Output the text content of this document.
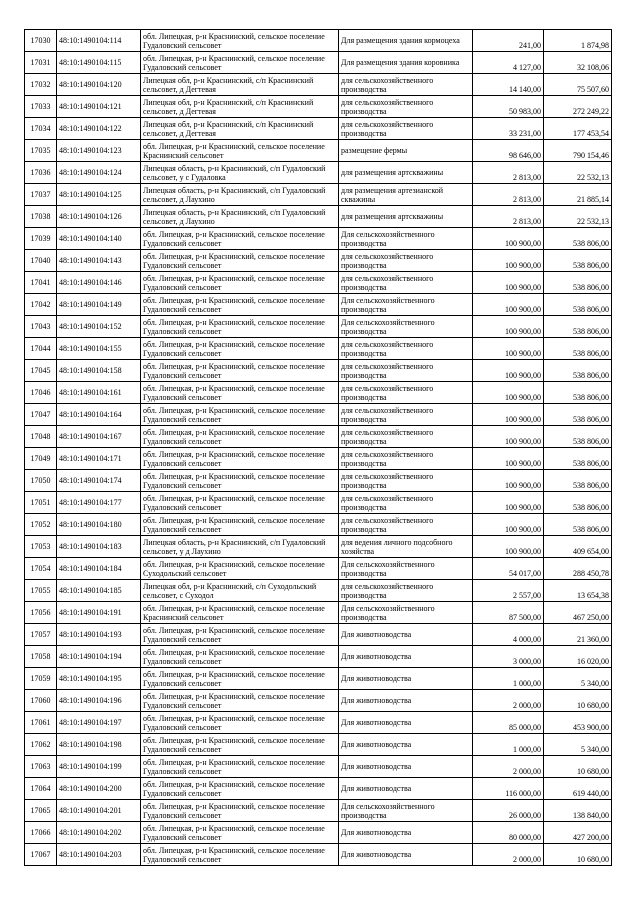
17030	48:10:1490104:114	обл. Липецкая, р-н Краснинский, сельское поселение Гудаловский сельсовет	Для размещения здания кормоцеха	241,00	1 874,98
17031	48:10:1490104:115	обл. Липецкая, р-н Краснинский, сельское поселение Гудаловский сельсовет	Для размещения здания коровника	4 127,00	32 108,06
17032	48:10:1490104:120	Липецкая обл, р-н Краснинский, с/п Краснинский сельсовет, д Дегтевая	для сельскохозяйственного производства	14 140,00	75 507,60
17033	48:10:1490104:121	Липецкая обл, р-н Краснинский, с/п Краснинский сельсовет, д Дегтевая	для сельскохозяйственного производства	50 983,00	272 249,22
17034	48:10:1490104:122	Липецкая обл, р-н Краснинский, с/п Краснинский сельсовет, д Дегтевая	для сельскохозяйственного производства	33 231,00	177 453,54
17035	48:10:1490104:123	обл. Липецкая, р-н Краснинский, сельское поселение Краснинский сельсовет	размещение фермы	98 646,00	790 154,46
17036	48:10:1490104:124	Липецкая область, р-н Краснинский, с/п Гудаловский сельсовет, у с Гудаловка	для размещения артскважины	2 813,00	22 532,13
17037	48:10:1490104:125	Липецкая область, р-н Краснинский, с/п Гудаловский сельсовет, д Лаухино	для размещения артезианской скважины	2 813,00	21 885,14
17038	48:10:1490104:126	Липецкая область, р-н Краснинский, с/п Гудаловский сельсовет, д Лаухино	для размещения артскважины	2 813,00	22 532,13
17039	48:10:1490104:140	обл. Липецкая, р-н Краснинский, сельское поселение Гудаловский сельсовет	Для сельскохозяйственного производства	100 900,00	538 806,00
17040	48:10:1490104:143	обл. Липецкая, р-н Краснинский, сельское поселение Гудаловский сельсовет	для сельскохозяйственного производства	100 900,00	538 806,00
17041	48:10:1490104:146	обл. Липецкая, р-н Краснинский, сельское поселение Гудаловский сельсовет	для сельскохозяйственного производства	100 900,00	538 806,00
17042	48:10:1490104:149	обл. Липецкая, р-н Краснинский, сельское поселение Гудаловский сельсовет	Для сельскохозяйственного производства	100 900,00	538 806,00
17043	48:10:1490104:152	обл. Липецкая, р-н Краснинский, сельское поселение Гудаловский сельсовет	Для сельскохозяйственного производства	100 900,00	538 806,00
17044	48:10:1490104:155	обл. Липецкая, р-н Краснинский, сельское поселение Гудаловский сельсовет	для сельскохозяйственного производства	100 900,00	538 806,00
17045	48:10:1490104:158	обл. Липецкая, р-н Краснинский, сельское поселение Гудаловский сельсовет	для сельскохозяйственного производства	100 900,00	538 806,00
17046	48:10:1490104:161	обл. Липецкая, р-н Краснинский, сельское поселение Гудаловский сельсовет	для сельскохозяйственного производства	100 900,00	538 806,00
17047	48:10:1490104:164	обл. Липецкая, р-н Краснинский, сельское поселение Гудаловский сельсовет	для сельскохозяйственного производства	100 900,00	538 806,00
17048	48:10:1490104:167	обл. Липецкая, р-н Краснинский, сельское поселение Гудаловский сельсовет	для сельскохозяйственного производства	100 900,00	538 806,00
17049	48:10:1490104:171	обл. Липецкая, р-н Краснинский, сельское поселение Гудаловский сельсовет	для сельскохозяйственного производства	100 900,00	538 806,00
17050	48:10:1490104:174	обл. Липецкая, р-н Краснинский, сельское поселение Гудаловский сельсовет	для сельскохозяйственного производства	100 900,00	538 806,00
17051	48:10:1490104:177	обл. Липецкая, р-н Краснинский, сельское поселение Гудаловский сельсовет	для сельскохозяйственного производства	100 900,00	538 806,00
17052	48:10:1490104:180	обл. Липецкая, р-н Краснинский, сельское поселение Гудаловский сельсовет	для сельскохозяйственного производства	100 900,00	538 806,00
17053	48:10:1490104:183	Липецкая область, р-н Краснинский, с/п Гудаловский сельсовет, у д Лаухино	для ведения личного подсобного хозяйства	100 900,00	409 654,00
17054	48:10:1490104:184	обл. Липецкая, р-н Краснинский, сельское поселение Суходольский сельсовет	Для сельскохозяйственного производства	54 017,00	288 450,78
17055	48:10:1490104:185	Липецкая обл, р-н Краснинский, с/п Суходольский сельсовет, с Суходол	для сельскохозяйственного производства	2 557,00	13 654,38
17056	48:10:1490104:191	обл. Липецкая, р-н Краснинский, сельское поселение Краснинский сельсовет	Для сельскохозяйственного производства	87 500,00	467 250,00
17057	48:10:1490104:193	обл. Липецкая, р-н Краснинский, сельское поселение Гудаловский сельсовет	Для животноводства	4 000,00	21 360,00
17058	48:10:1490104:194	обл. Липецкая, р-н Краснинский, сельское поселение Гудаловский сельсовет	Для животноводства	3 000,00	16 020,00
17059	48:10:1490104:195	обл. Липецкая, р-н Краснинский, сельское поселение Гудаловский сельсовет	Для животноводства	1 000,00	5 340,00
17060	48:10:1490104:196	обл. Липецкая, р-н Краснинский, сельское поселение Гудаловский сельсовет	Для животноводства	2 000,00	10 680,00
17061	48:10:1490104:197	обл. Липецкая, р-н Краснинский, сельское поселение Гудаловский сельсовет	Для животноводства	85 000,00	453 900,00
17062	48:10:1490104:198	обл. Липецкая, р-н Краснинский, сельское поселение Гудаловский сельсовет	Для животноводства	1 000,00	5 340,00
17063	48:10:1490104:199	обл. Липецкая, р-н Краснинский, сельское поселение Гудаловский сельсовет	Для животноводства	2 000,00	10 680,00
17064	48:10:1490104:200	обл. Липецкая, р-н Краснинский, сельское поселение Гудаловский сельсовет	Для животноводства	116 000,00	619 440,00
17065	48:10:1490104:201	обл. Липецкая, р-н Краснинский, сельское поселение Гудаловский сельсовет	Для сельскохозяйственного производства	26 000,00	138 840,00
17066	48:10:1490104:202	обл. Липецкая, р-н Краснинский, сельское поселение Гудаловский сельсовет	Для животноводства	80 000,00	427 200,00
17067	48:10:1490104:203	обл. Липецкая, р-н Краснинский, сельское поселение Гудаловский сельсовет	Для животноводства	2 000,00	10 680,00
